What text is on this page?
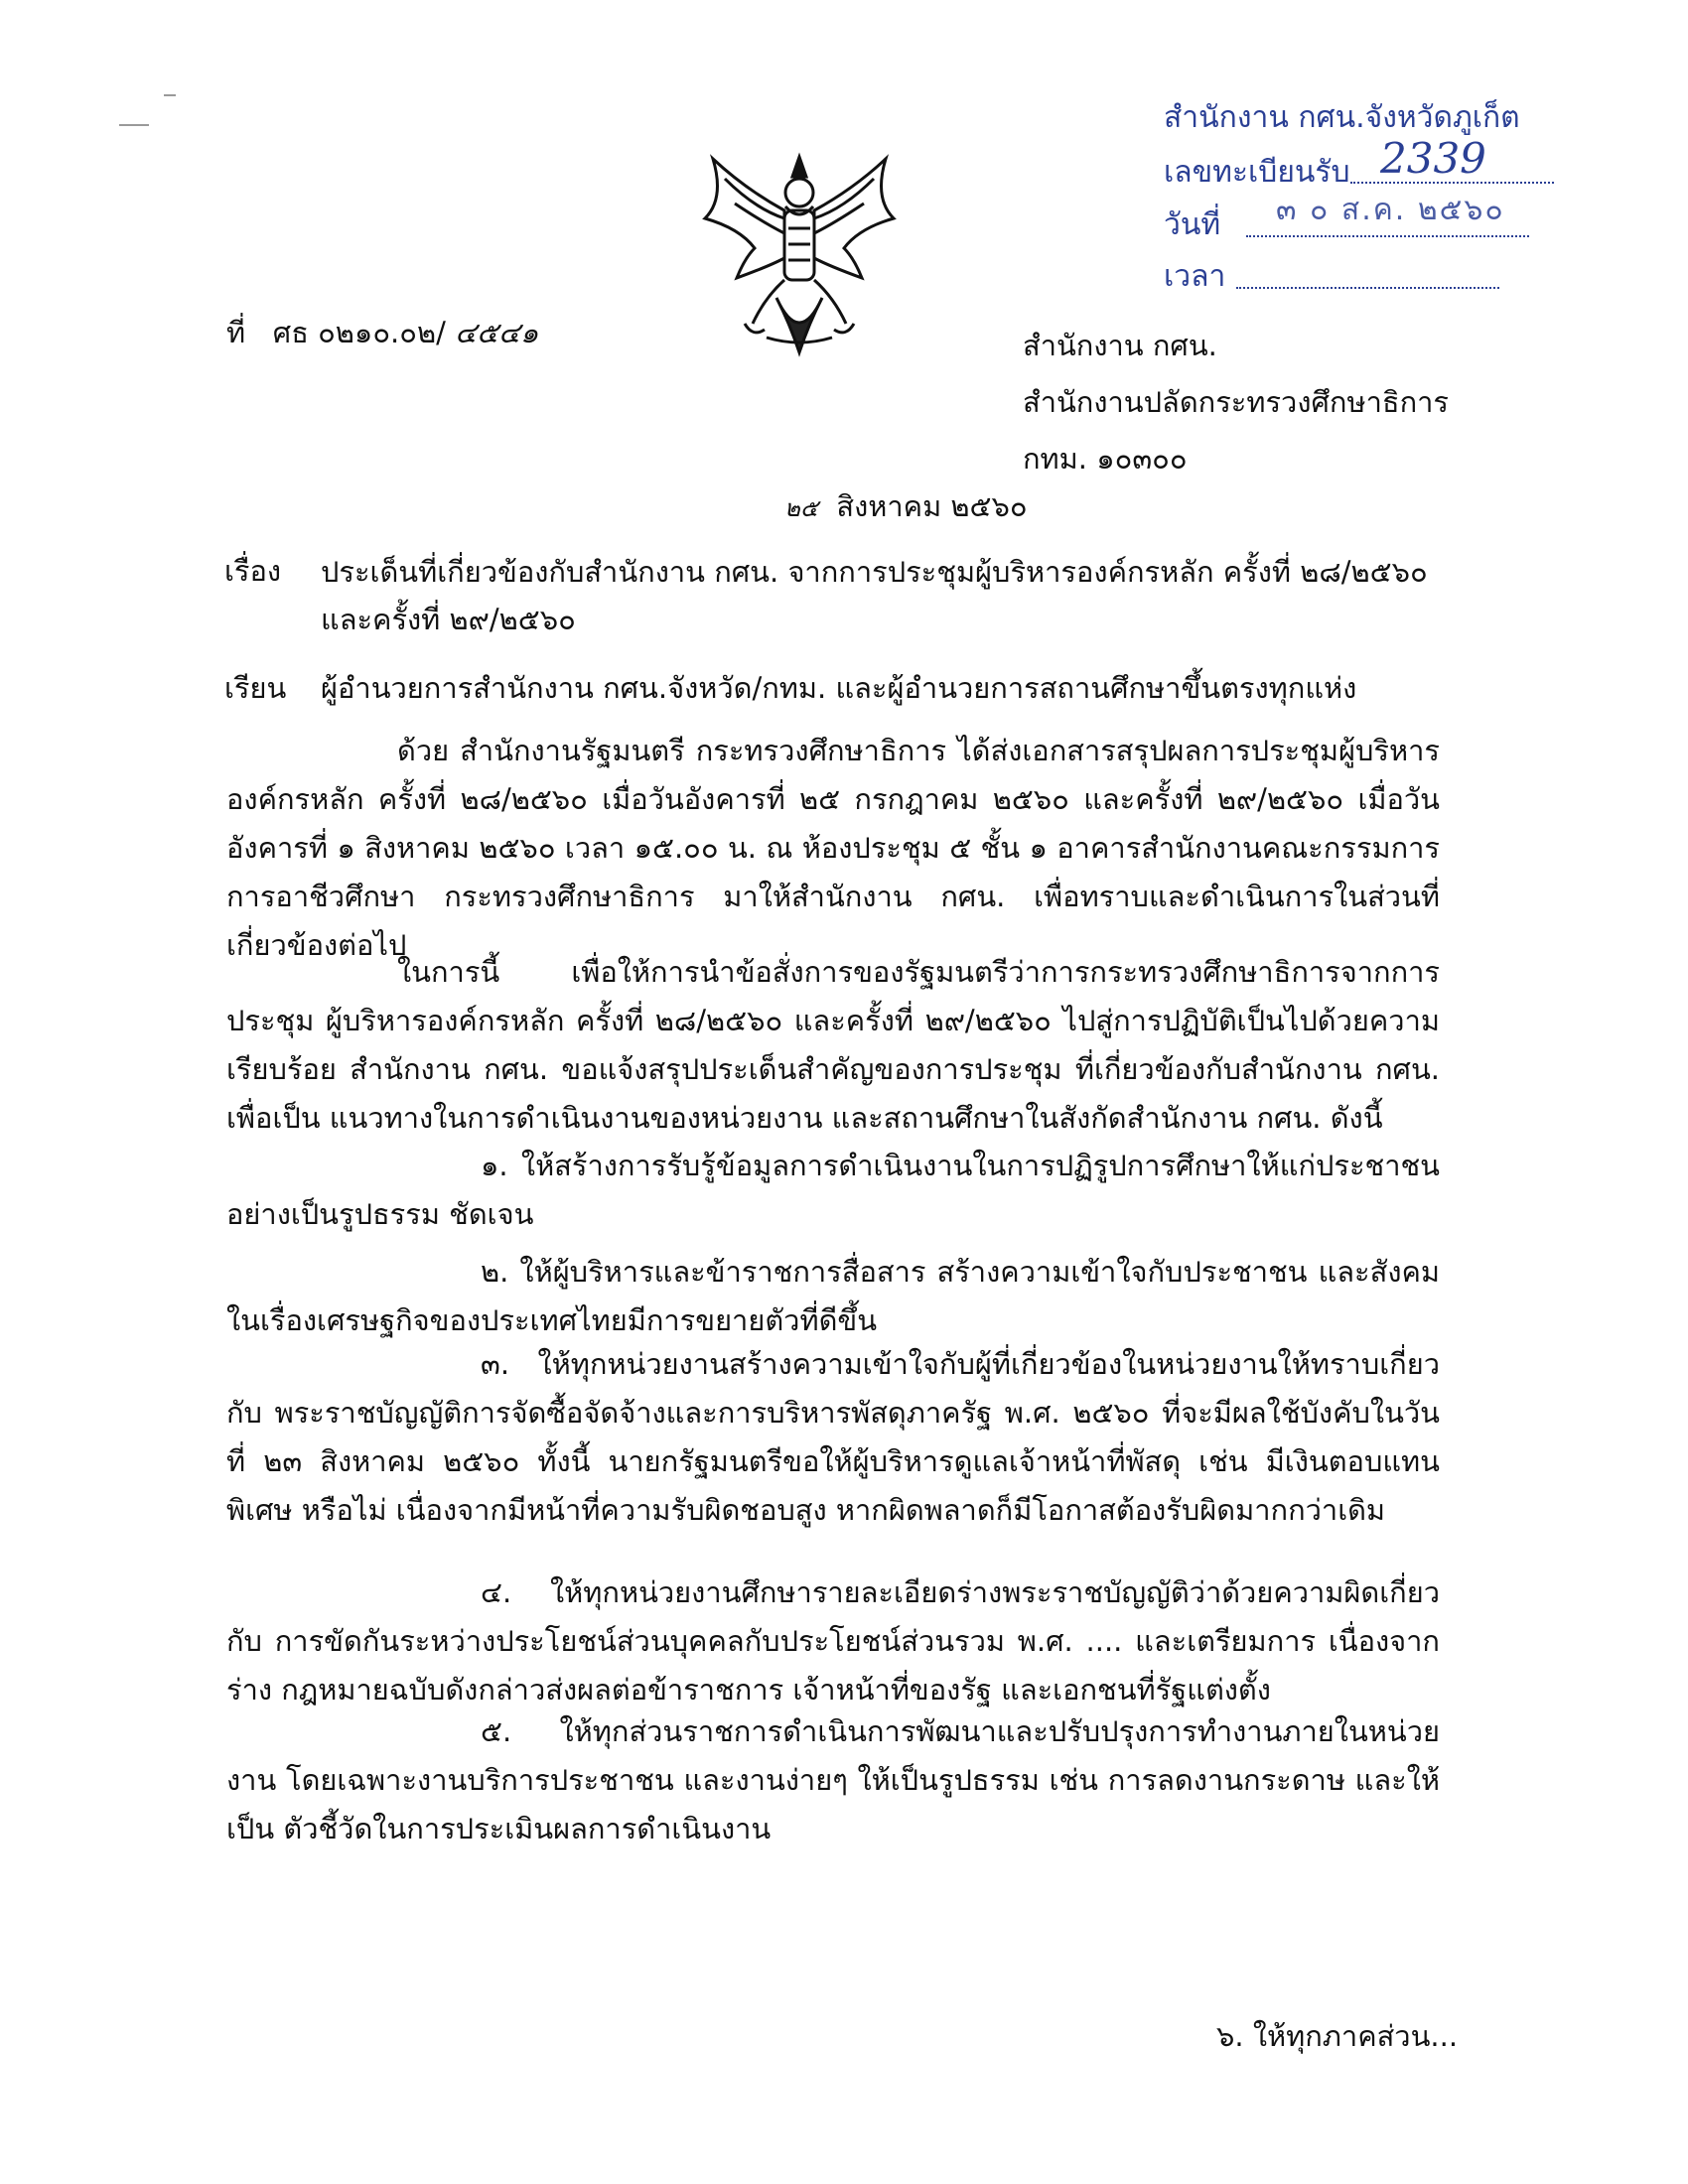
สำนักงาน กศน.จังหวัดภูเก็ต
เลขทะเบียนรับ 2339
วันที่ ๓ ๐ ส.ค. ๒๕๖๐
เวลา
ที่ ศธ ๐๒๑๐.๐๒/ ๔๕๔๑	สำนักงาน กศน.
สำนักงานปลัดกระทรวงศึกษาธิการ
กทม. ๑๐๓๐๐
๒๕ สิงหาคม ๒๕๖๐
เรื่อง ประเด็นที่เกี่ยวข้องกับสำนักงาน กศน. จากการประชุมผู้บริหารองค์กรหลัก ครั้งที่ ๒๘/๒๕๖๐ และครั้งที่ ๒๙/๒๕๖๐
เรียน ผู้อำนวยการสำนักงาน กศน.จังหวัด/กทม. และผู้อำนวยการสถานศึกษาขึ้นตรงทุกแห่ง
ด้วย สำนักงานรัฐมนตรี กระทรวงศึกษาธิการ ได้ส่งเอกสารสรุปผลการประชุมผู้บริหาร องค์กรหลัก ครั้งที่ ๒๘/๒๕๖๐ เมื่อวันอังคารที่ ๒๕ กรกฎาคม ๒๕๖๐ และครั้งที่ ๒๙/๒๕๖๐ เมื่อวันอังคารที่ ๑ สิงหาคม ๒๕๖๐ เวลา ๑๕.๐๐ น. ณ ห้องประชุม ๕ ชั้น ๑ อาคารสำนักงานคณะกรรมการการอาชีวศึกษา กระทรวงศึกษาธิการ มาให้สำนักงาน กศน. เพื่อทราบและดำเนินการในส่วนที่เกี่ยวข้องต่อไป
ในการนี้ เพื่อให้การนำข้อสั่งการของรัฐมนตรีว่าการกระทรวงศึกษาธิการจากการประชุม ผู้บริหารองค์กรหลัก ครั้งที่ ๒๘/๒๕๖๐ และครั้งที่ ๒๙/๒๕๖๐ ไปสู่การปฏิบัติเป็นไปด้วยความเรียบร้อย สำนักงาน กศน. ขอแจ้งสรุปประเด็นสำคัญของการประชุม ที่เกี่ยวข้องกับสำนักงาน กศน. เพื่อเป็น แนวทางในการดำเนินงานของหน่วยงาน และสถานศึกษาในสังกัดสำนักงาน กศน. ดังนี้
๑. ให้สร้างการรับรู้ข้อมูลการดำเนินงานในการปฏิรูปการศึกษาให้แก่ประชาชน อย่างเป็นรูปธรรม ชัดเจน
๒. ให้ผู้บริหารและข้าราชการสื่อสาร สร้างความเข้าใจกับประชาชน และสังคม ในเรื่องเศรษฐกิจของประเทศไทยมีการขยายตัวที่ดีขึ้น
๓. ให้ทุกหน่วยงานสร้างความเข้าใจกับผู้ที่เกี่ยวข้องในหน่วยงานให้ทราบเกี่ยวกับ พระราชบัญญัติการจัดซื้อจัดจ้างและการบริหารพัสดุภาครัฐ พ.ศ. ๒๕๖๐ ที่จะมีผลใช้บังคับในวันที่ ๒๓ สิงหาคม ๒๕๖๐ ทั้งนี้ นายกรัฐมนตรีขอให้ผู้บริหารดูแลเจ้าหน้าที่พัสดุ เช่น มีเงินตอบแทนพิเศษ หรือไม่ เนื่องจากมีหน้าที่ความรับผิดชอบสูง หากผิดพลาดก็มีโอกาสต้องรับผิดมากกว่าเดิม
๔. ให้ทุกหน่วยงานศึกษารายละเอียดร่างพระราชบัญญัติว่าด้วยความผิดเกี่ยวกับ การขัดกันระหว่างประโยชน์ส่วนบุคคลกับประโยชน์ส่วนรวม พ.ศ. .... และเตรียมการ เนื่องจากร่าง กฎหมายฉบับดังกล่าวส่งผลต่อข้าราชการ เจ้าหน้าที่ของรัฐ และเอกชนที่รัฐแต่งตั้ง
๕. ให้ทุกส่วนราชการดำเนินการพัฒนาและปรับปรุงการทำงานภายในหน่วยงาน โดยเฉพาะงานบริการประชาชน และงานง่ายๆ ให้เป็นรูปธรรม เช่น การลดงานกระดาษ และให้เป็น ตัวชี้วัดในการประเมินผลการดำเนินงาน
๖. ให้ทุกภาคส่วน...
